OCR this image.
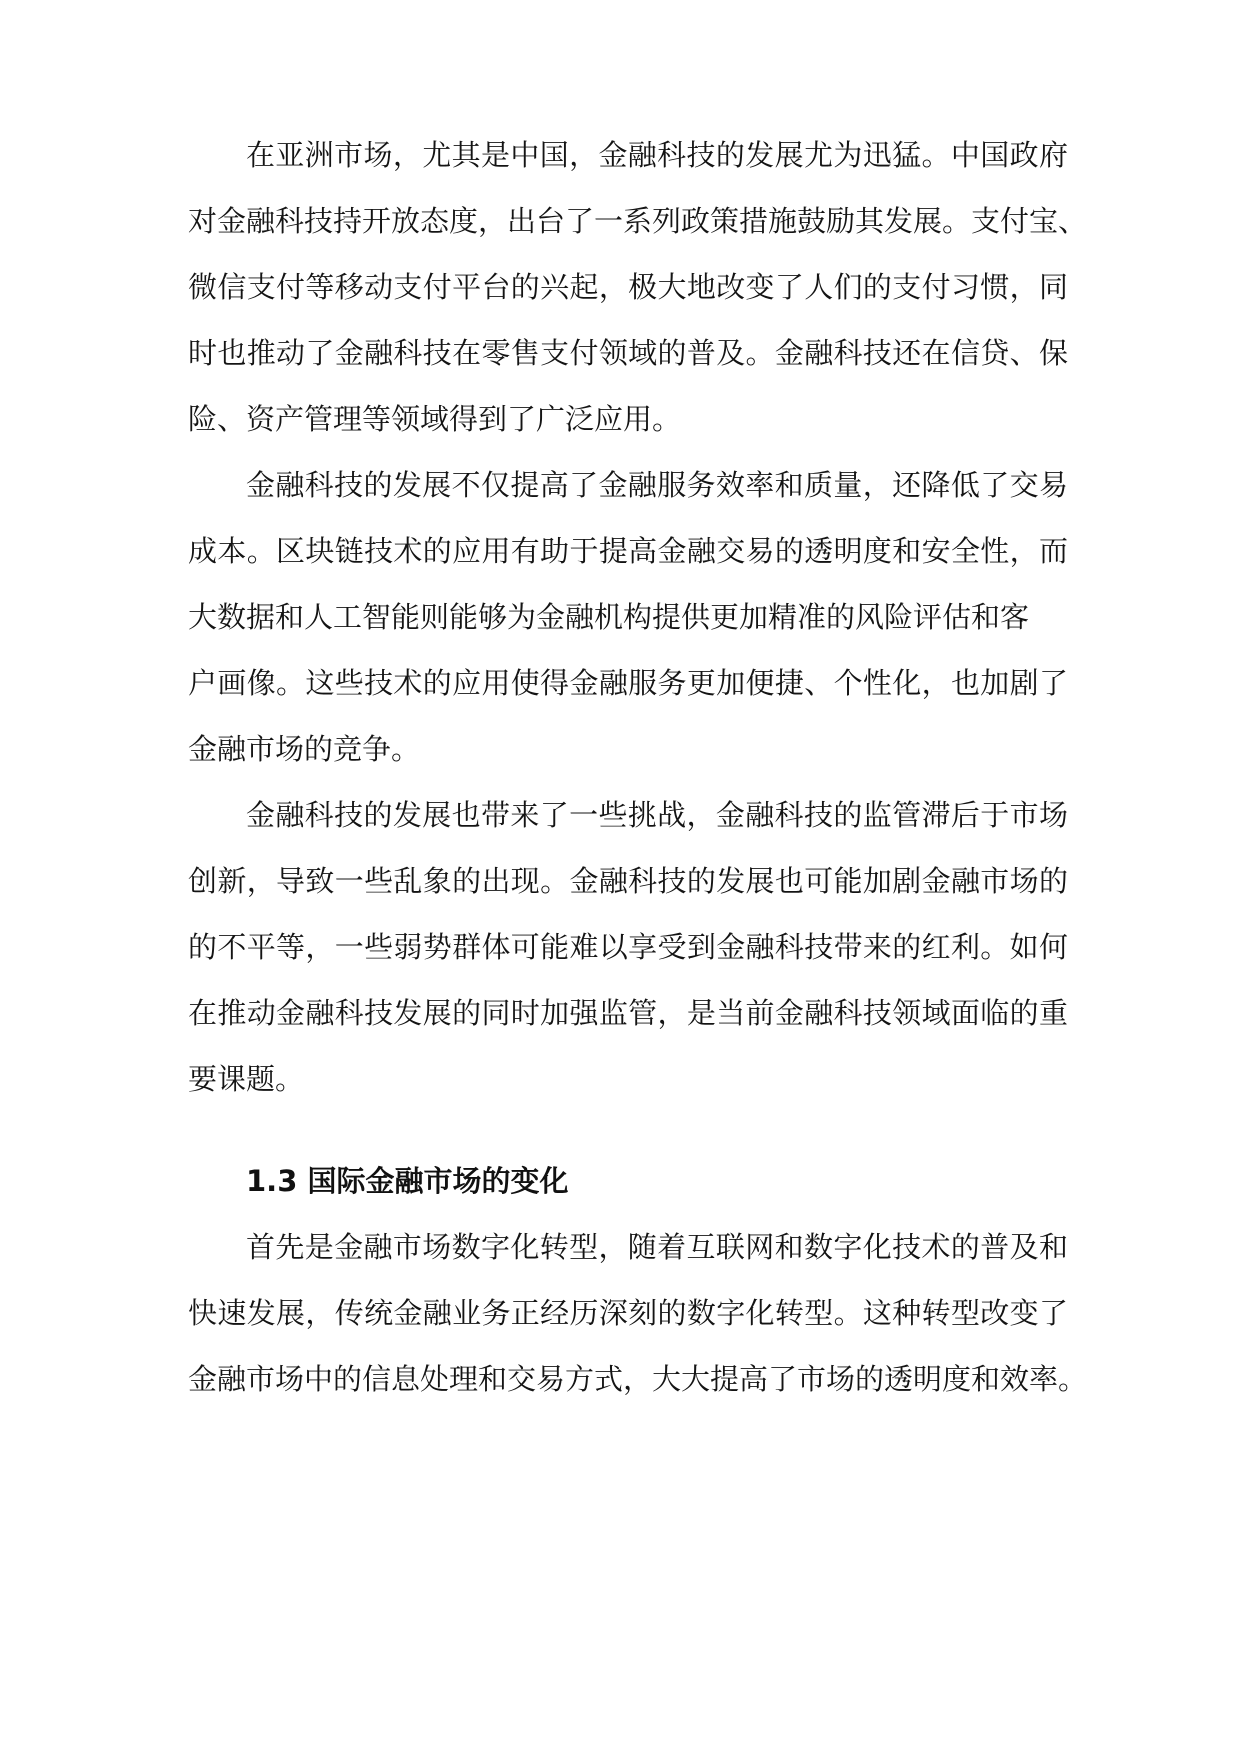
在亚洲市场，尤其是中国，金融科技的发展尤为迅猛。中国政府
对金融科技持开放态度，出台了一系列政策措施鼓励其发展。支付宝、
微信支付等移动支付平台的兴起，极大地改变了人们的支付习惯，同
时也推动了金融科技在零售支付领域的普及。金融科技还在信贷、保
险、资产管理等领域得到了广泛应用。
金融科技的发展不仅提高了金融服务效率和质量，还降低了交易
成本。区块链技术的应用有助于提高金融交易的透明度和安全性，而
大数据和人工智能则能够为金融机构提供更加精准的风险评估和客
户画像。这些技术的应用使得金融服务更加便捷、个性化，也加剧了
金融市场的竞争。
金融科技的发展也带来了一些挑战，金融科技的监管滞后于市场
创新，导致一些乱象的出现。金融科技的发展也可能加剧金融市场的
的不平等，一些弱势群体可能难以享受到金融科技带来的红利。如何
在推动金融科技发展的同时加强监管，是当前金融科技领域面临的重
要课题。
1.3 国际金融市场的变化
首先是金融市场数字化转型，随着互联网和数字化技术的普及和
快速发展，传统金融业务正经历深刻的数字化转型。这种转型改变了
金融市场中的信息处理和交易方式，大大提高了市场的透明度和效率。
